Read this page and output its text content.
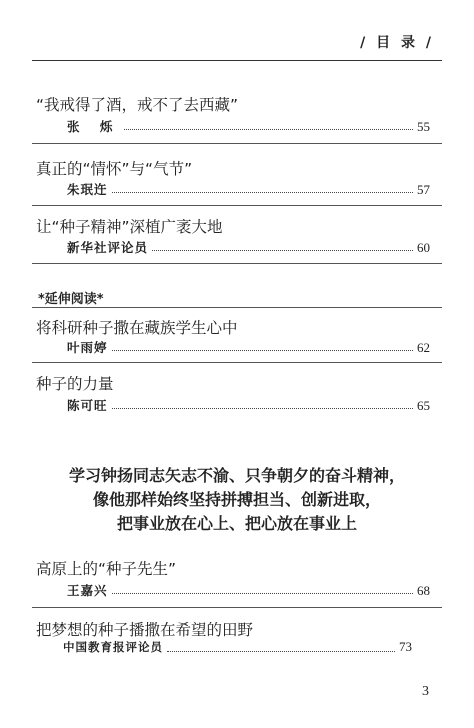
/ 目 录 /
“我戒得了酒，戒不了去西藏”
张 烁	55
真正的“情怀”与“气节”
朱珉迕	57
让“种子精神”深植广袤大地
新华社评论员	60
*延伸阅读*
将科研种子撒在藏族学生心中
叶雨婷	62
种子的力量
陈可旺	65
学习钟扬同志矢志不渝、只争朝夕的奋斗精神，
像他那样始终坚持拼搏担当、创新进取，
把事业放在心上、把心放在事业上
高原上的“种子先生”
王嘉兴	68
把梦想的种子播撒在希望的田野
中国教育报评论员	73
3
